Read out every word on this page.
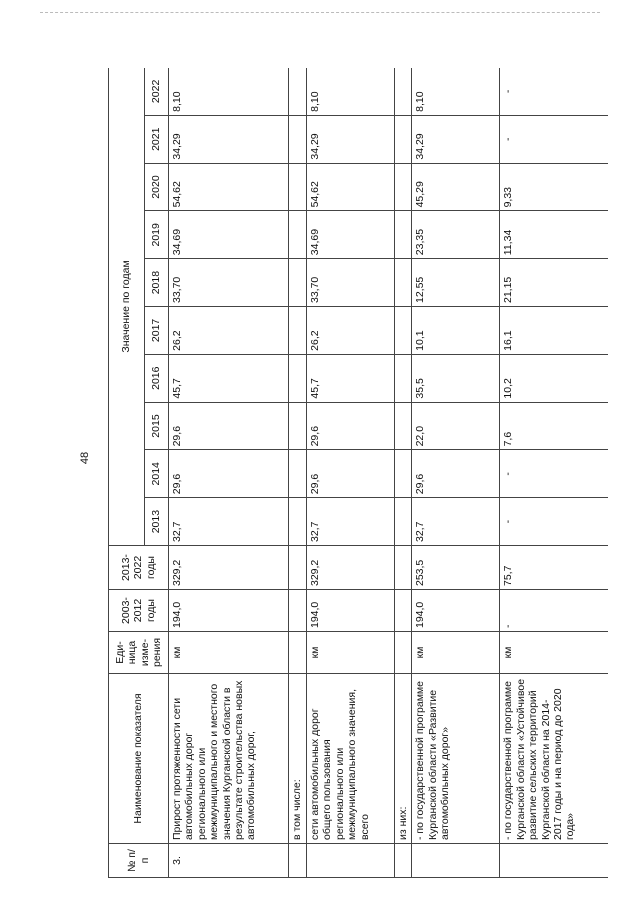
48
№ п/п	Наименование показателя	Еди-ница изме-рения	2003-2012 годы	2013-2022 годы	Значение по годам									
					2013	2014	2015	2016	2017	2018	2019	2020	2021	2022
3.	Прирост протяженности сети автомобильных дорог регионального или межмуниципального и местного значения Курганской области в результате строительства новых автомобильных дорог,	км	194,0	329,2	32,7	29,6	29,6	45,7	26,2	33,70	34,69	54,62	34,29	8,10
	в том числе:													
	сети автомобильных дорог общего пользования регионального или межмуниципального значения, всего	км	194,0	329,2	32,7	29,6	29,6	45,7	26,2	33,70	34,69	54,62	34,29	8,10
	из них:													
	- по государственной программе Курганской области «Развитие автомобильных дорог»	км	194,0	253,5	32,7	29,6	22,0	35,5	10,1	12,55	23,35	45,29	34,29	8,10
	- по государственной программе Курганской области «Устойчивое развитие сельских территорий Курганской области на 2014-2017 годы и на период до 2020 года»	км	-	75,7	-	-	7,6	10,2	16,1	21,15	11,34	9,33	-	-
